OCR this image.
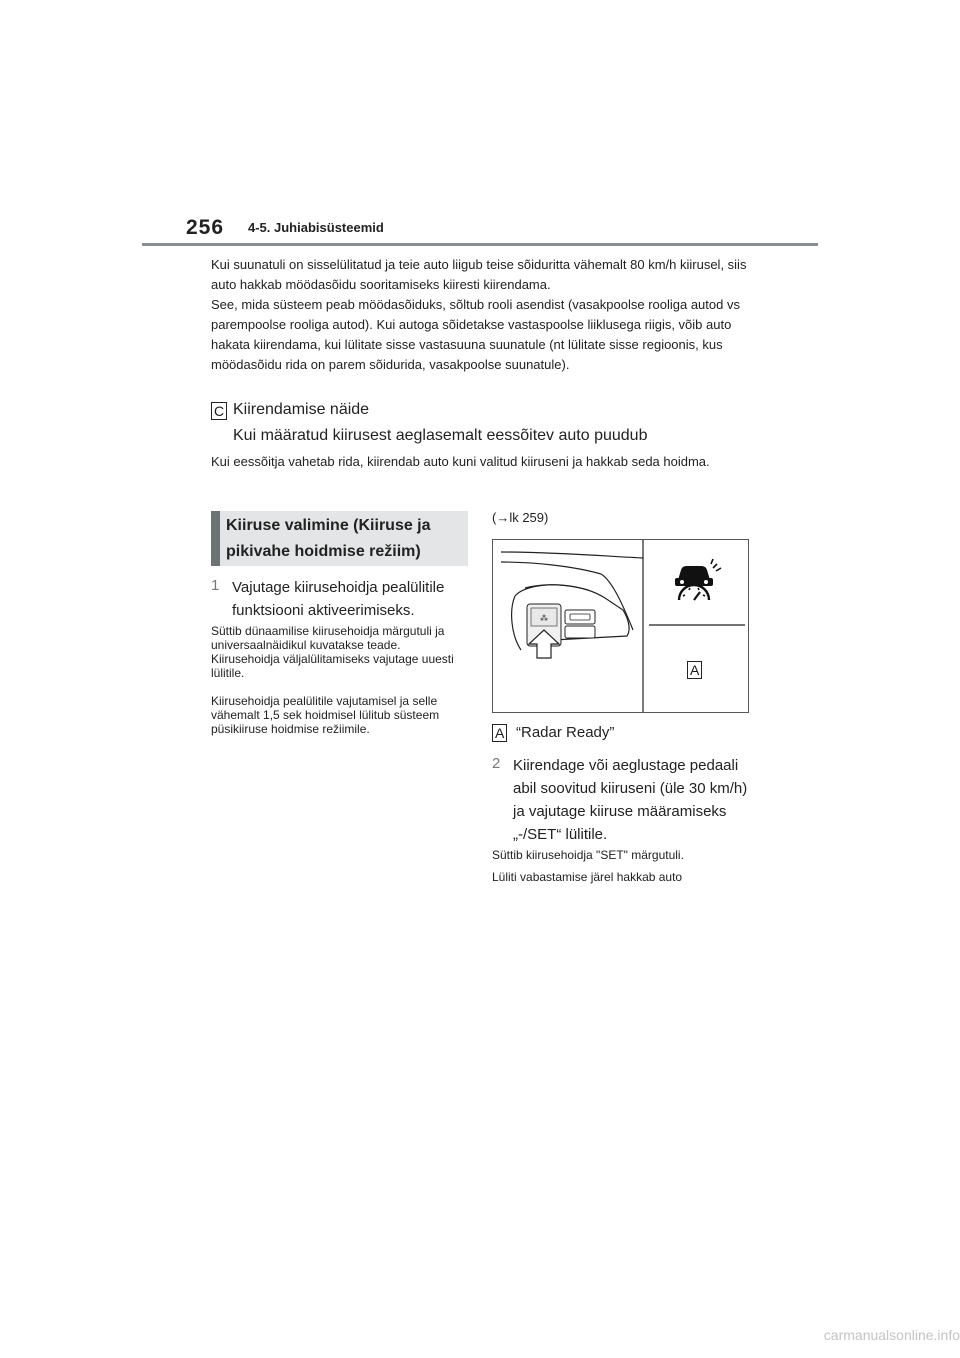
256 4-5. Juhiabisüsteemid
Kui suunatuli on sisselülitatud ja teie auto liigub teise sõiduritta vähemalt 80 km/h kiirusel, siis auto hakkab möödasõidu sooritamiseks kiiresti kiirendama.
See, mida süsteem peab möödasõiduks, sõltub rooli asendist (vasakpoolse rooliga autod vs parempoolse rooliga autod). Kui autoga sõidetakse vastaspoolse liiklusega riigis, võib auto hakata kiirendama, kui lülitate sisse vastasuuna suunatule (nt lülitate sisse regioonis, kus möödasõidu rida on parem sõidurida, vasakpoolse suunatule).
C Kiirendamise näide
Kui määratud kiirusest aeglasemalt eessõitev auto puudub
Kui eessõitja vahetab rida, kiirendab auto kuni valitud kiiruseni ja hakkab seda hoidma.
Kiiruse valimine (Kiiruse ja pikivahe hoidmise režiim)
1 Vajutage kiirusehoidja pealülitile funktsiooni aktiveerimiseks.
Süttib dünaamilise kiirusehoidja märgutuli ja universaalnäidikul kuvatakse teade. Kiirusehoidja väljalülitamiseks vajutage uuesti lülitile.
Kiirusehoidja pealülitile vajutamisel ja selle vähemalt 1,5 sek hoidmisel lülitub süsteem püsikiiruse hoidmise režiimile.
(→lk 259)
⁂
A
A “Radar Ready”
2 Kiirendage või aeglustage pedaali abil soovitud kiiruseni (üle 30 km/h) ja vajutage kiiruse määramiseks „-/SET“ lülitile.
Süttib kiirusehoidja "SET" märgutuli.
Lüliti vabastamise järel hakkab auto
carmanualsonline.info
